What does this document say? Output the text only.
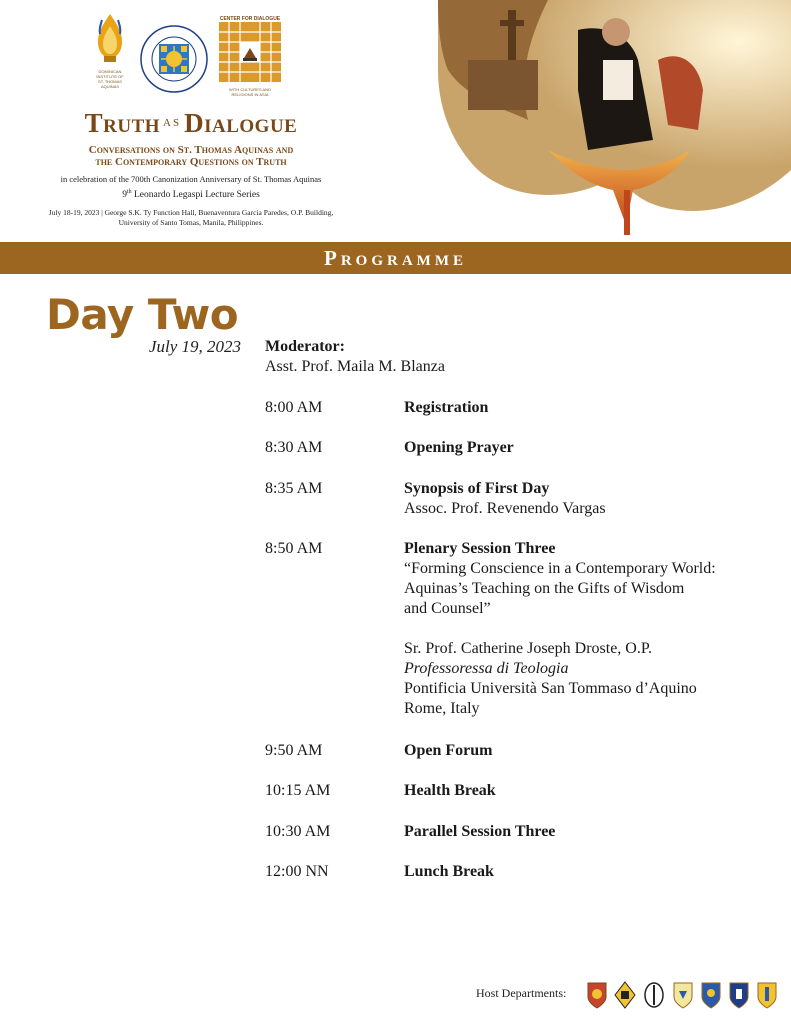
DOMINICAN INSTITUTE OF
ST. THOMAS
AQUINAS
CENTER FOR DIALOGUE
WITH CULTURES AND RELIGIONS IN ASIA
Truth $^{AS}$ Dialogue
Conversations on St. Thomas Aquinas and
the Contemporary Questions on Truth
in celebration of the 700th Canonization Anniversary of St. Thomas Aquinas
9th Leonardo Legaspi Lecture Series
July 18-19, 2023 | George S.K. Ty Function Hall, Buenaventura Garcia Paredes, O.P. Building,
University of Santo Tomas, Manila, Philippines.
Programme
Day Two
July 19, 2023 Moderator:
Asst. Prof. Maila M. Blanza
8:00 AM	Registration
8:30 AM	Opening Prayer
8:35 AM	Synopsis of First Day
Assoc. Prof. Revenendo Vargas
8:50 AM	Plenary Session Three
“Forming Conscience in a Contemporary World:
Aquinas’s Teaching on the Gifts of Wisdom
and Counsel”
Sr. Prof. Catherine Joseph Droste, O.P.
Professoressa di Teologia
Pontificia Università San Tommaso d’Aquino
Rome, Italy
9:50 AM	Open Forum
10:15 AM	Health Break
10:30 AM	Parallel Session Three
12:00 NN	Lunch Break
Host Departments:
